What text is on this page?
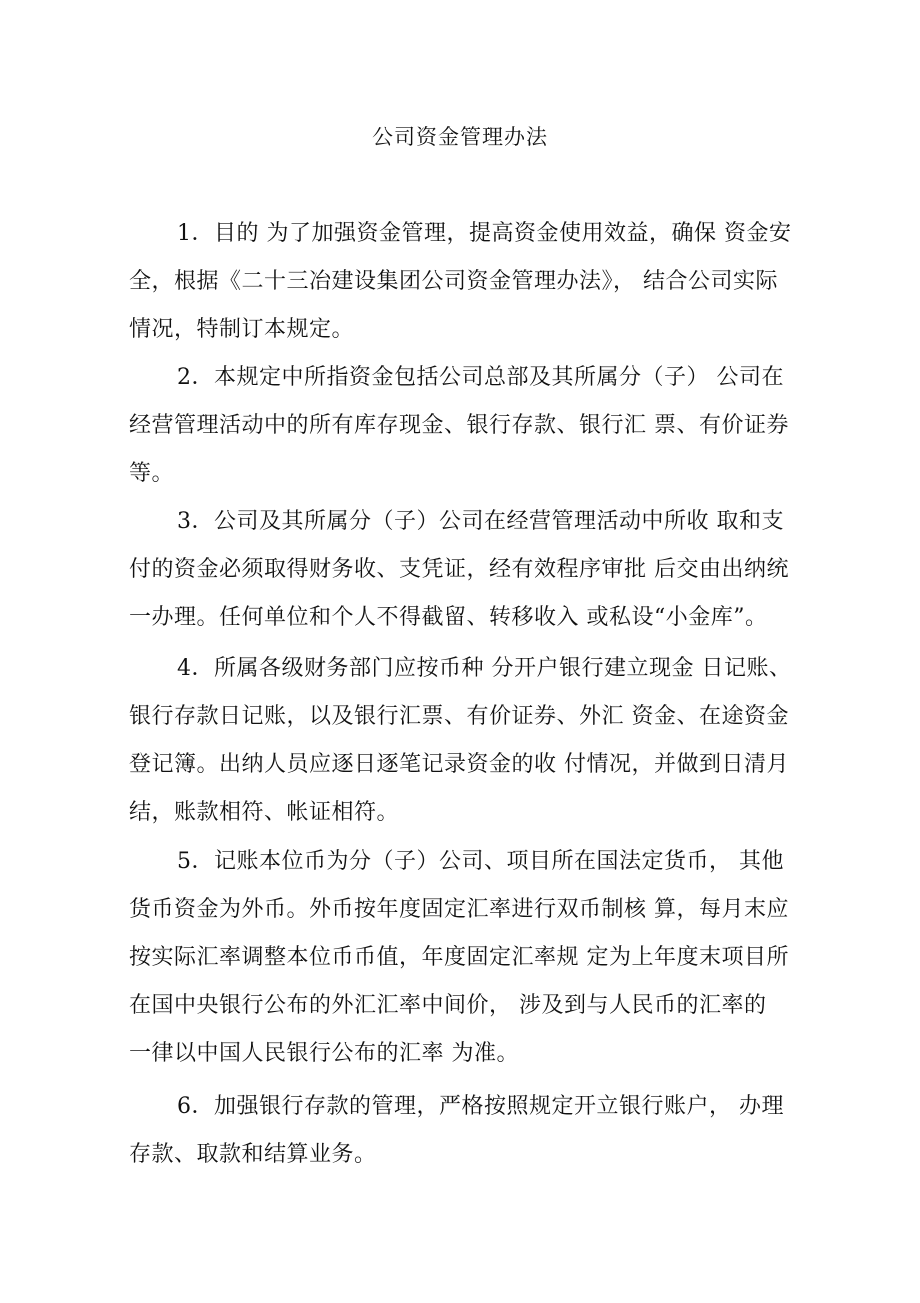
公司资金管理办法
1．目的 为了加强资金管理，提高资金使用效益，确保 资金安
全，根据《二十三冶建设集团公司资金管理办法》， 结合公司实际
情况，特制订本规定。
2．本规定中所指资金包括公司总部及其所属分（子） 公司在
经营管理活动中的所有库存现金、银行存款、银行汇 票、有价证券
等。
3．公司及其所属分（子）公司在经营管理活动中所收 取和支
付的资金必须取得财务收、支凭证，经有效程序审批 后交由出纳统
一办理。任何单位和个人不得截留、转移收入 或私设“小金库”。
4．所属各级财务部门应按币种 分开户银行建立现金 日记账、
银行存款日记账，以及银行汇票、有价证券、外汇 资金、在途资金
登记簿。出纳人员应逐日逐笔记录资金的收 付情况，并做到日清月
结，账款相符、帐证相符。
5．记账本位币为分（子）公司、项目所在国法定货币， 其他
货币资金为外币。外币按年度固定汇率进行双币制核 算，每月末应
按实际汇率调整本位币币值，年度固定汇率规 定为上年度末项目所
在国中央银行公布的外汇汇率中间价， 涉及到与人民币的汇率的
一律以中国人民银行公布的汇率 为准。
6．加强银行存款的管理，严格按照规定开立银行账户， 办理
存款、取款和结算业务。
